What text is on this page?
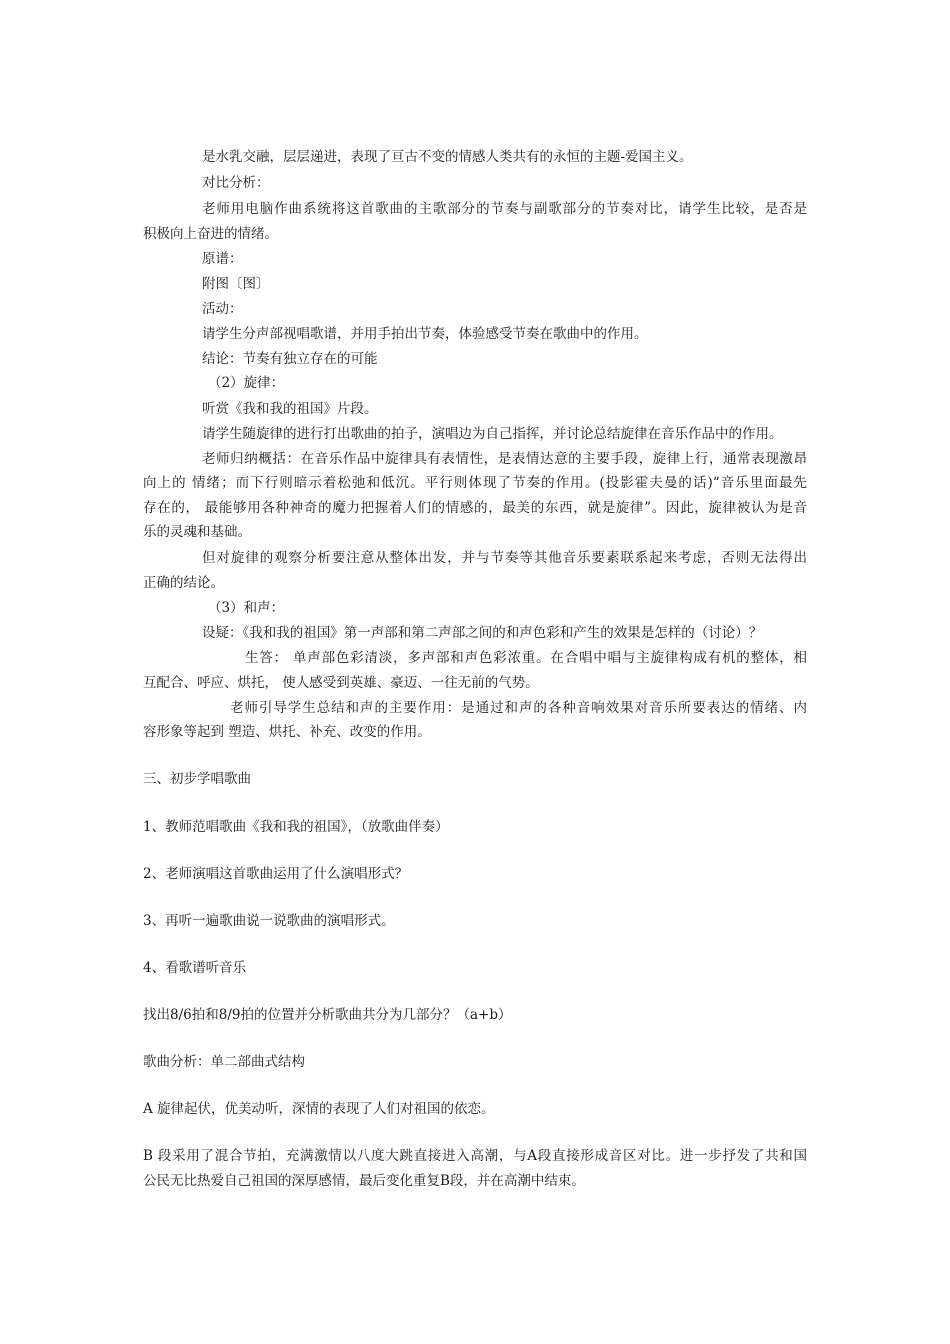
是水乳交融，层层递进，表现了亘古不变的情感人类共有的永恒的主题-爱国主义。
对比分析：
老师用电脑作曲系统将这首歌曲的主歌部分的节奏与副歌部分的节奏对比，请学生比较，是否是
积极向上奋进的情绪。
原谱：
附图〔图〕
活动：
请学生分声部视唱歌谱，并用手拍出节奏，体验感受节奏在歌曲中的作用。
结论：节奏有独立存在的可能
（2）旋律：
听赏《我和我的祖国》片段。
请学生随旋律的进行打出歌曲的拍子，演唱边为自己指挥，并讨论总结旋律在音乐作品中的作用。
老师归纳概括：在音乐作品中旋律具有表情性，是表情达意的主要手段，旋律上行，通常表现激昂
向上的 情绪；而下行则暗示着松弛和低沉。平行则体现了节奏的作用。(投影霍夫曼的话)“音乐里面最先
存在的， 最能够用各种神奇的魔力把握着人们的情感的，最美的东西，就是旋律”。因此，旋律被认为是音
乐的灵魂和基础。
但对旋律的观察分析要注意从整体出发，并与节奏等其他音乐要素联系起来考虑，否则无法得出
正确的结论。
（3）和声：
设疑：《我和我的祖国》第一声部和第二声部之间的和声色彩和产生的效果是怎样的（讨论）？
生答： 单声部色彩清淡，多声部和声色彩浓重。在合唱中唱与主旋律构成有机的整体，相
互配合、呼应、烘托， 使人感受到英雄、豪迈、一往无前的气势。
老师引导学生总结和声的主要作用：是通过和声的各种音响效果对音乐所要表达的情绪、内
容形象等起到 塑造、烘托、补充、改变的作用。
三、初步学唱歌曲
1、教师范唱歌曲《我和我的祖国》，（放歌曲伴奏）
2、老师演唱这首歌曲运用了什么演唱形式？
3、再听一遍歌曲说一说歌曲的演唱形式。
4、看歌谱听音乐
找出8/6拍和8/9拍的位置并分析歌曲共分为几部分？（a+b）
歌曲分析：单二部曲式结构
A 旋律起伏，优美动听，深情的表现了人们对祖国的依恋。
B 段采用了混合节拍，充满激情以八度大跳直接进入高潮，与A段直接形成音区对比。进一步抒发了共和国
公民无比热爱自己祖国的深厚感情，最后变化重复B段，并在高潮中结束。
